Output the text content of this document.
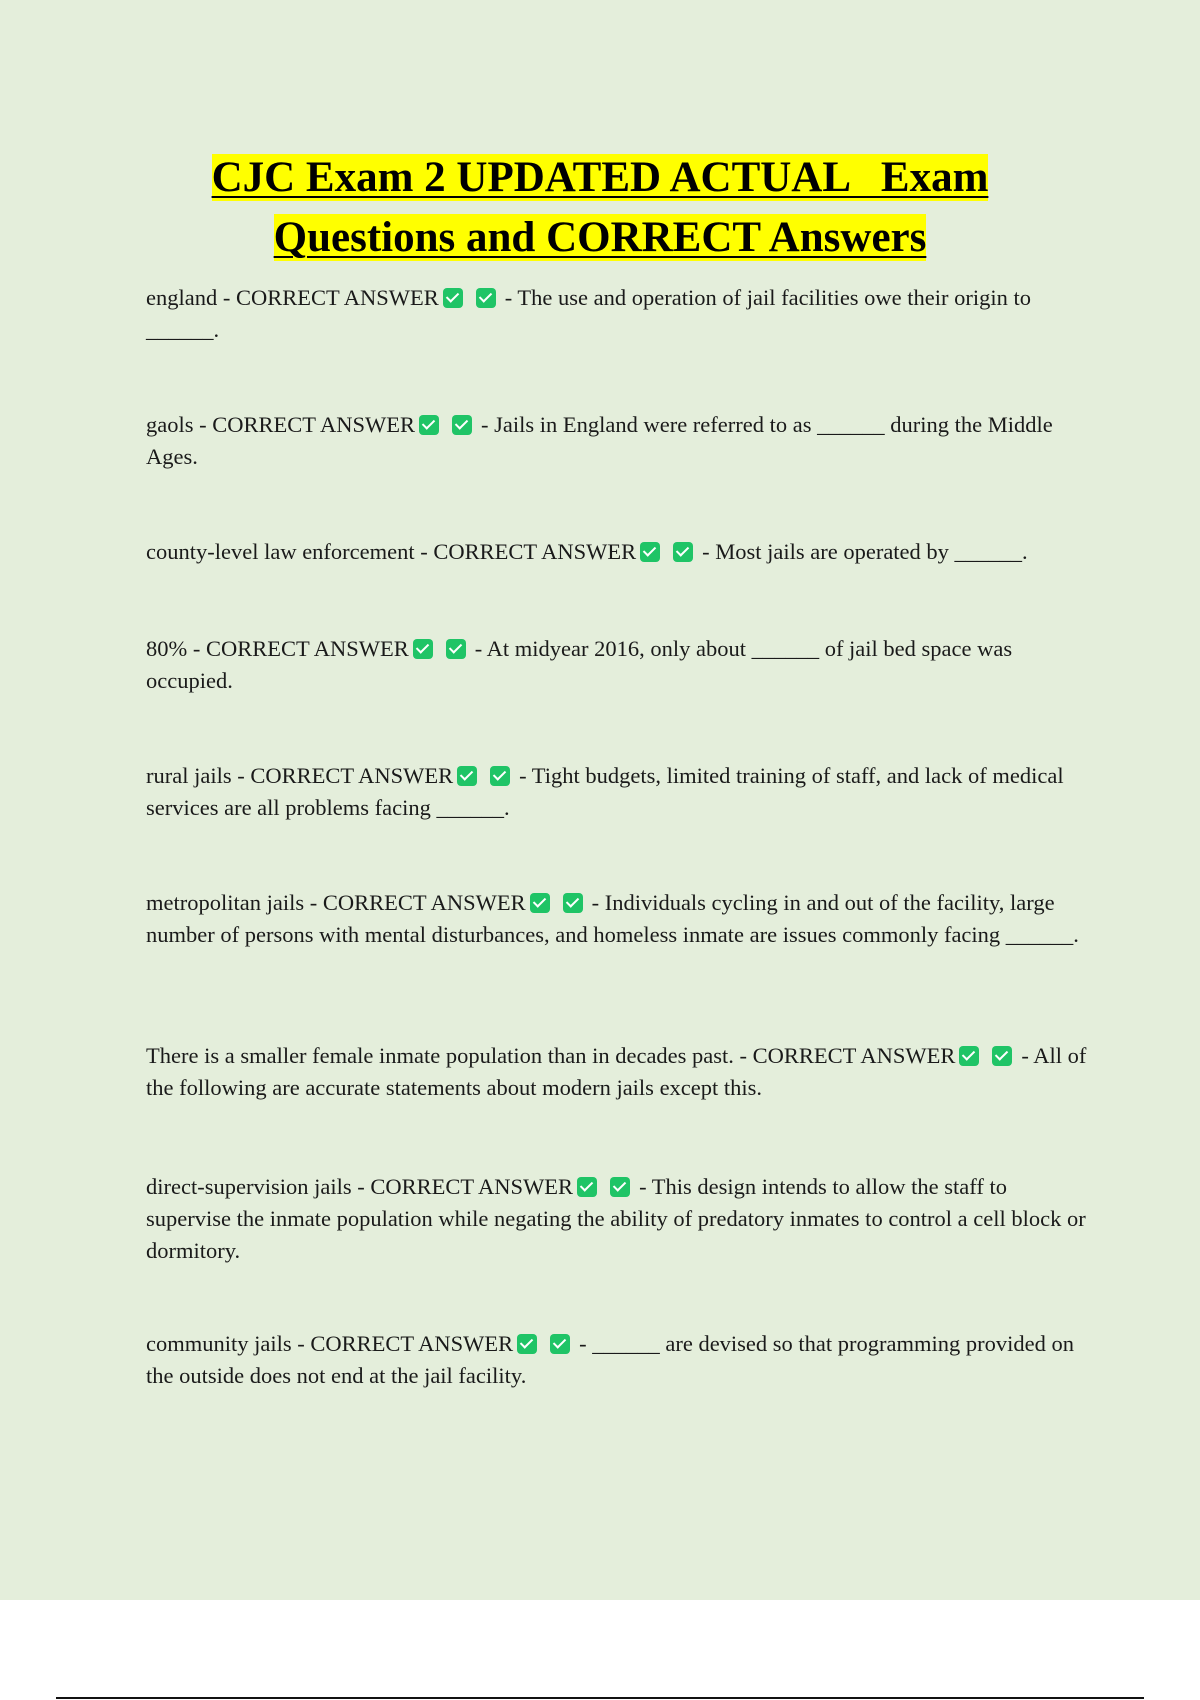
CJC Exam 2 UPDATED ACTUAL   Exam
Questions and CORRECT Answers
england - CORRECT ANSWER	- The use and operation of jail facilities owe their origin to ______.
gaols - CORRECT ANSWER	- Jails in England were referred to as ______ during the Middle Ages.
county-level law enforcement - CORRECT ANSWER	- Most jails are operated by ______.
80% - CORRECT ANSWER	- At midyear 2016, only about ______ of jail bed space was occupied.
rural jails - CORRECT ANSWER	- Tight budgets, limited training of staff, and lack of medical services are all problems facing ______.
metropolitan jails - CORRECT ANSWER	- Individuals cycling in and out of the facility, large number of persons with mental disturbances, and homeless inmate are issues commonly facing ______.
There is a smaller female inmate population than in decades past. - CORRECT ANSWER	- All of the following are accurate statements about modern jails except this.
direct-supervision jails - CORRECT ANSWER	- This design intends to allow the staff to supervise the inmate population while negating the ability of predatory inmates to control a cell block or dormitory.
community jails - CORRECT ANSWER	- ______ are devised so that programming provided on the outside does not end at the jail facility.
